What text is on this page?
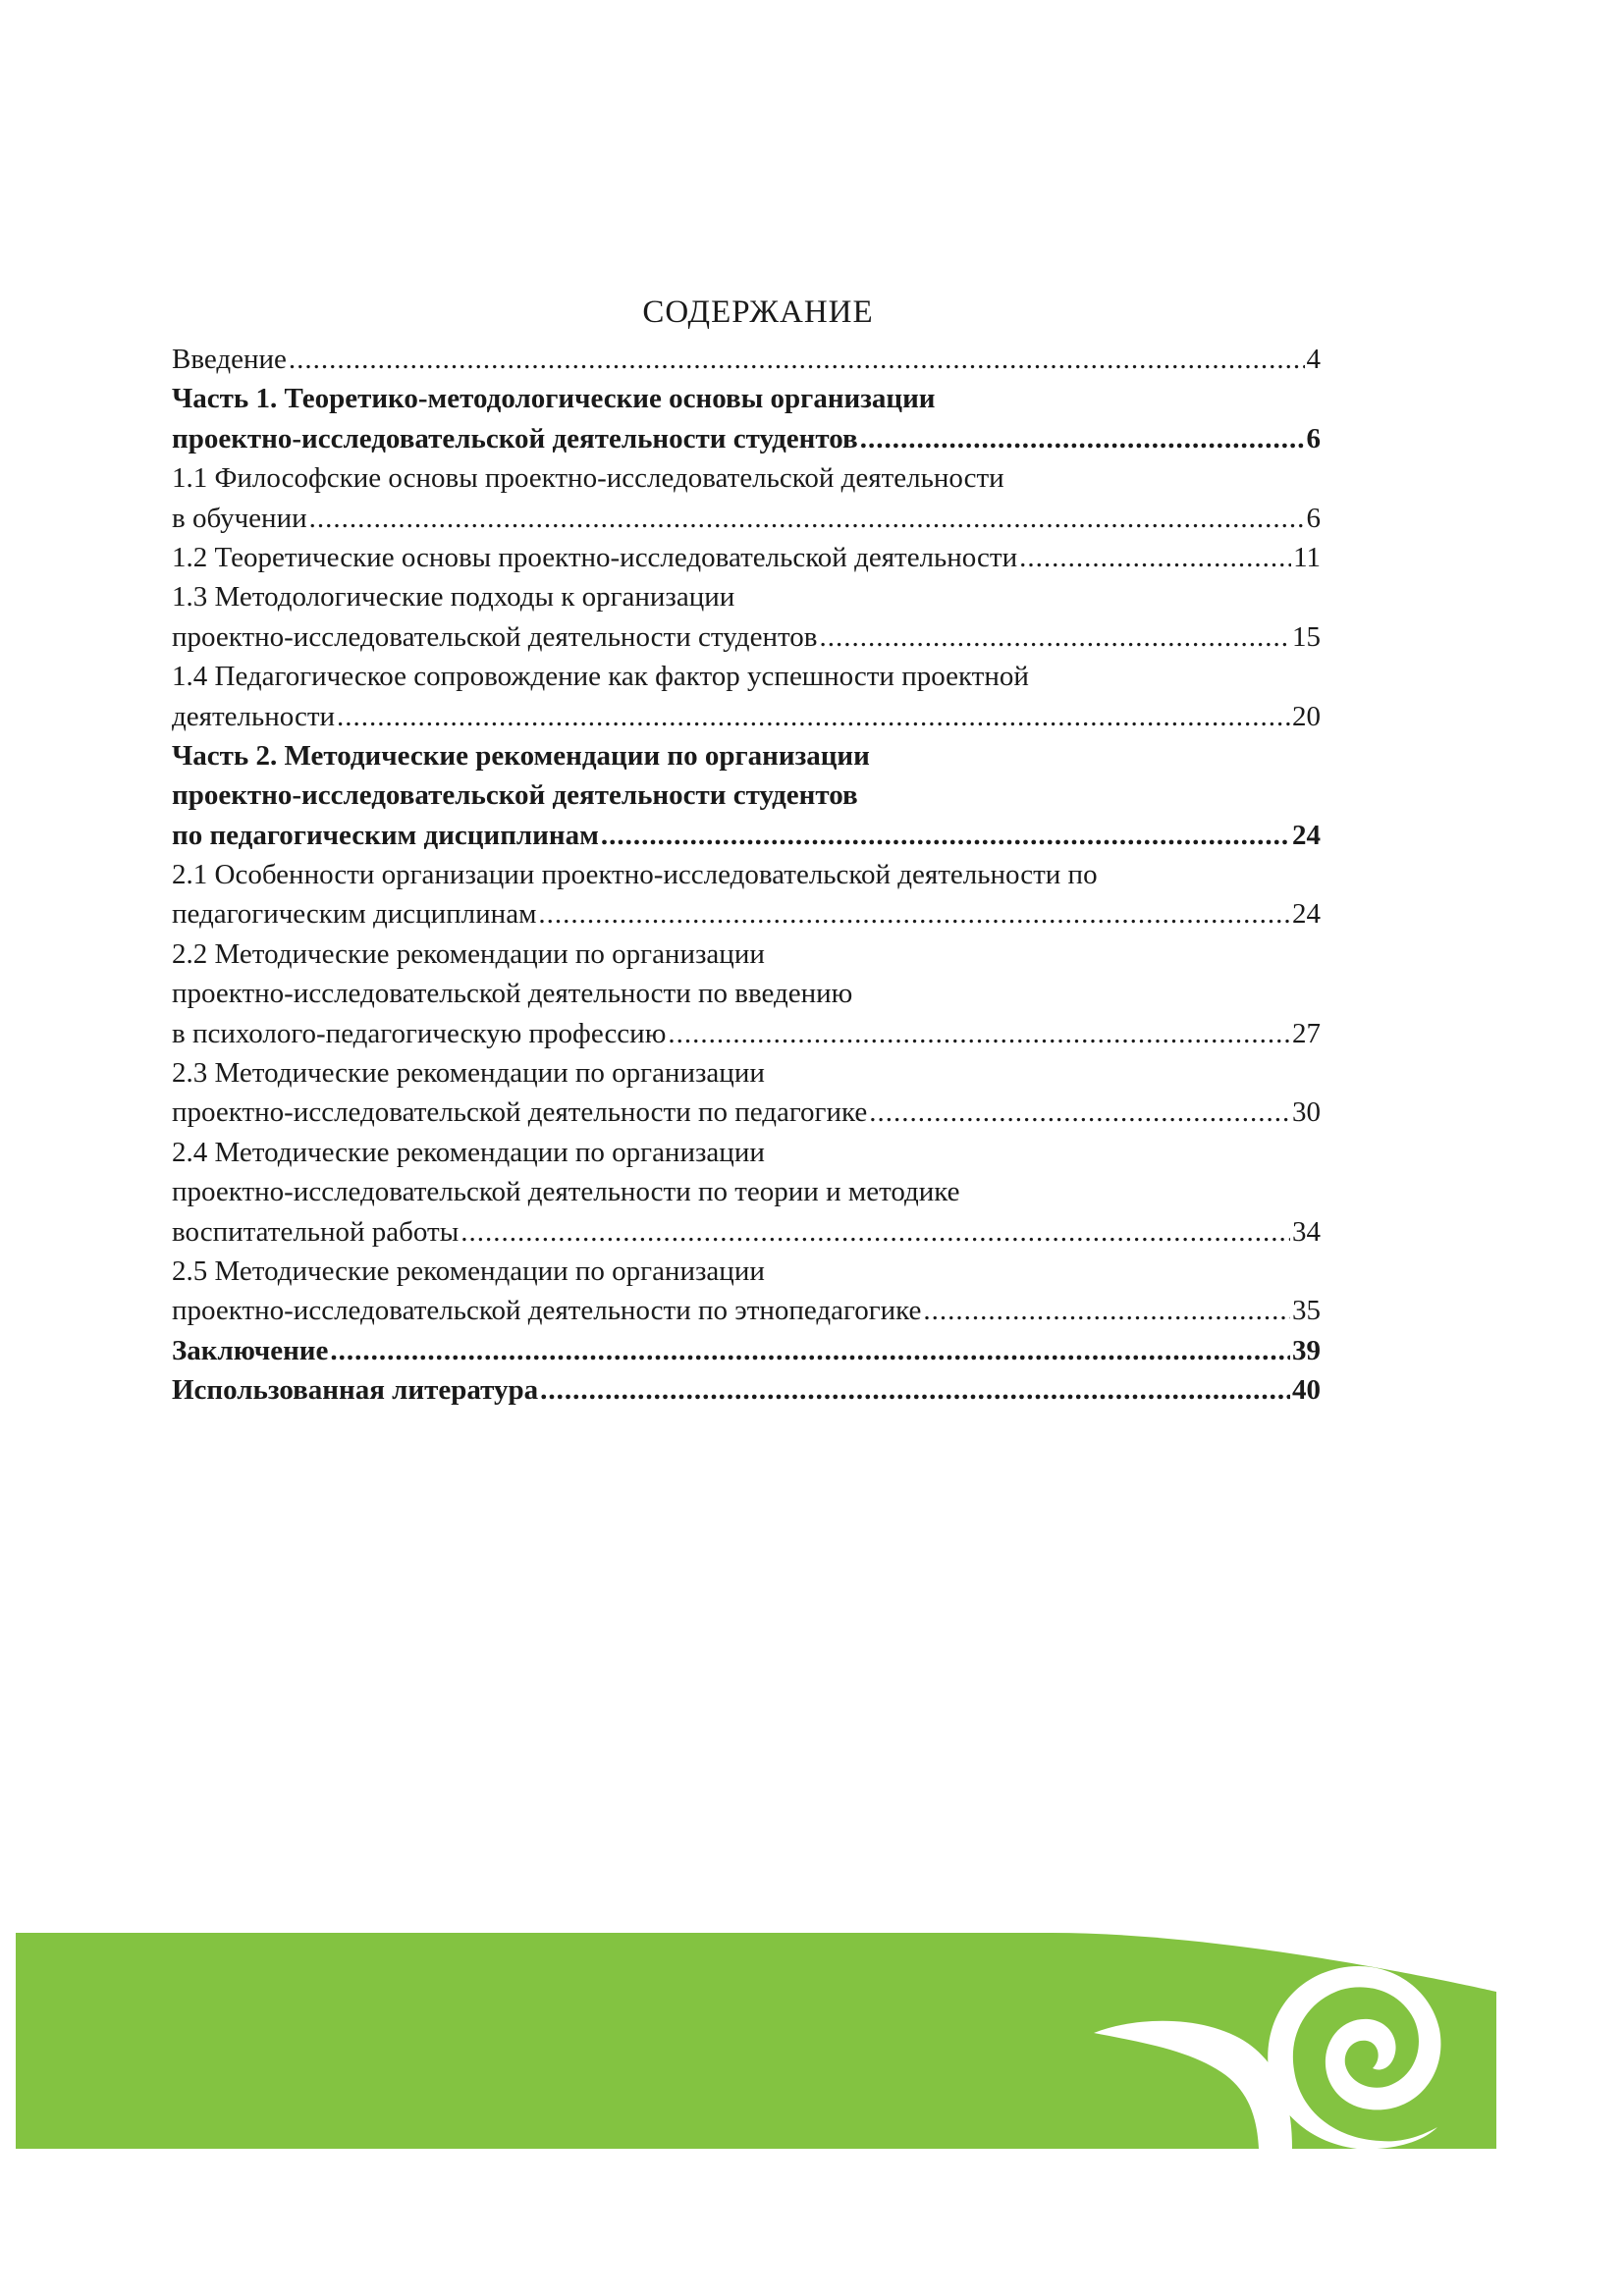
СОДЕРЖАНИЕ
Введение .....	4
Часть 1. Теоретико-методологические основы организации
проектно-исследовательской деятельности студентов .....	6
1.1 Философские основы проектно-исследовательской деятельности
в обучении .....	6
1.2 Теоретические основы проектно-исследовательской деятельности .....	11
1.3 Методологические подходы к организации
проектно-исследовательской деятельности студентов .....	15
1.4 Педагогическое сопровождение как фактор успешности проектной
деятельности .....	20
Часть 2. Методические рекомендации по организации
проектно-исследовательской деятельности студентов
по педагогическим дисциплинам .....	24
2.1 Особенности организации проектно-исследовательской деятельности по
педагогическим дисциплинам .....	24
2.2 Методические рекомендации по организации
проектно-исследовательской деятельности по введению
в психолого-педагогическую профессию .....	27
2.3 Методические рекомендации по организации
проектно-исследовательской деятельности по педагогике .....	30
2.4 Методические рекомендации по организации
проектно-исследовательской деятельности по теории и методике
воспитательной работы .....	34
2.5 Методические рекомендации по организации
проектно-исследовательской деятельности по этнопедагогике .....	35
Заключение .....	39
Использованная литература .....	40
